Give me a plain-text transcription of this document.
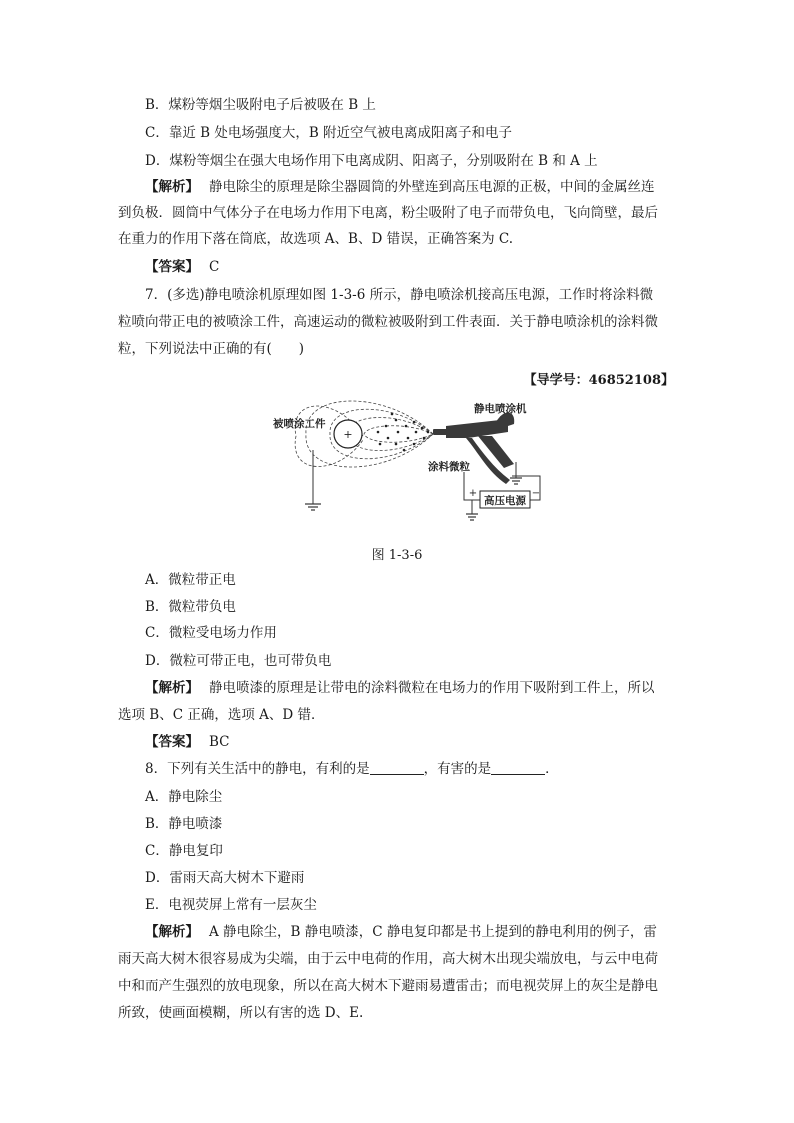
B．煤粉等烟尘吸附电子后被吸在 B 上
C．靠近 B 处电场强度大，B 附近空气被电离成阳离子和电子
D．煤粉等烟尘在强大电场作用下电离成阴、阳离子，分别吸附在 B 和 A 上
【解析】 静电除尘的原理是除尘器圆筒的外壁连到高压电源的正极，中间的金属丝连
到负极．圆筒中气体分子在电场力作用下电离，粉尘吸附了电子而带负电，飞向筒壁，最后
在重力的作用下落在筒底，故选项 A、B、D 错误，正确答案为 C.
【答案】 C
7．(多选)静电喷涂机原理如图 1-3-6 所示，静电喷涂机接高压电源，工作时将涂料微
粒喷向带正电的被喷涂工件，高速运动的微粒被吸附到工件表面．关于静电喷涂机的涂料微
粒，下列说法中正确的有(　　)
【导学号：46852108】
+
高压电源
+	−
被喷涂工件
静电喷涂机
涂料微粒
图 1-3-6
A．微粒带正电
B．微粒带负电
C．微粒受电场力作用
D．微粒可带正电，也可带负电
【解析】 静电喷漆的原理是让带电的涂料微粒在电场力的作用下吸附到工件上，所以
选项 B、C 正确，选项 A、D 错．
【答案】 BC
8．下列有关生活中的静电，有利的是	，有害的是	．
A．静电除尘
B．静电喷漆
C．静电复印
D．雷雨天高大树木下避雨
E．电视荧屏上常有一层灰尘
【解析】 A 静电除尘，B 静电喷漆，C 静电复印都是书上提到的静电利用的例子，雷
雨天高大树木很容易成为尖端，由于云中电荷的作用，高大树木出现尖端放电，与云中电荷
中和而产生强烈的放电现象，所以在高大树木下避雨易遭雷击；而电视荧屏上的灰尘是静电
所致，使画面模糊，所以有害的选 D、E.
